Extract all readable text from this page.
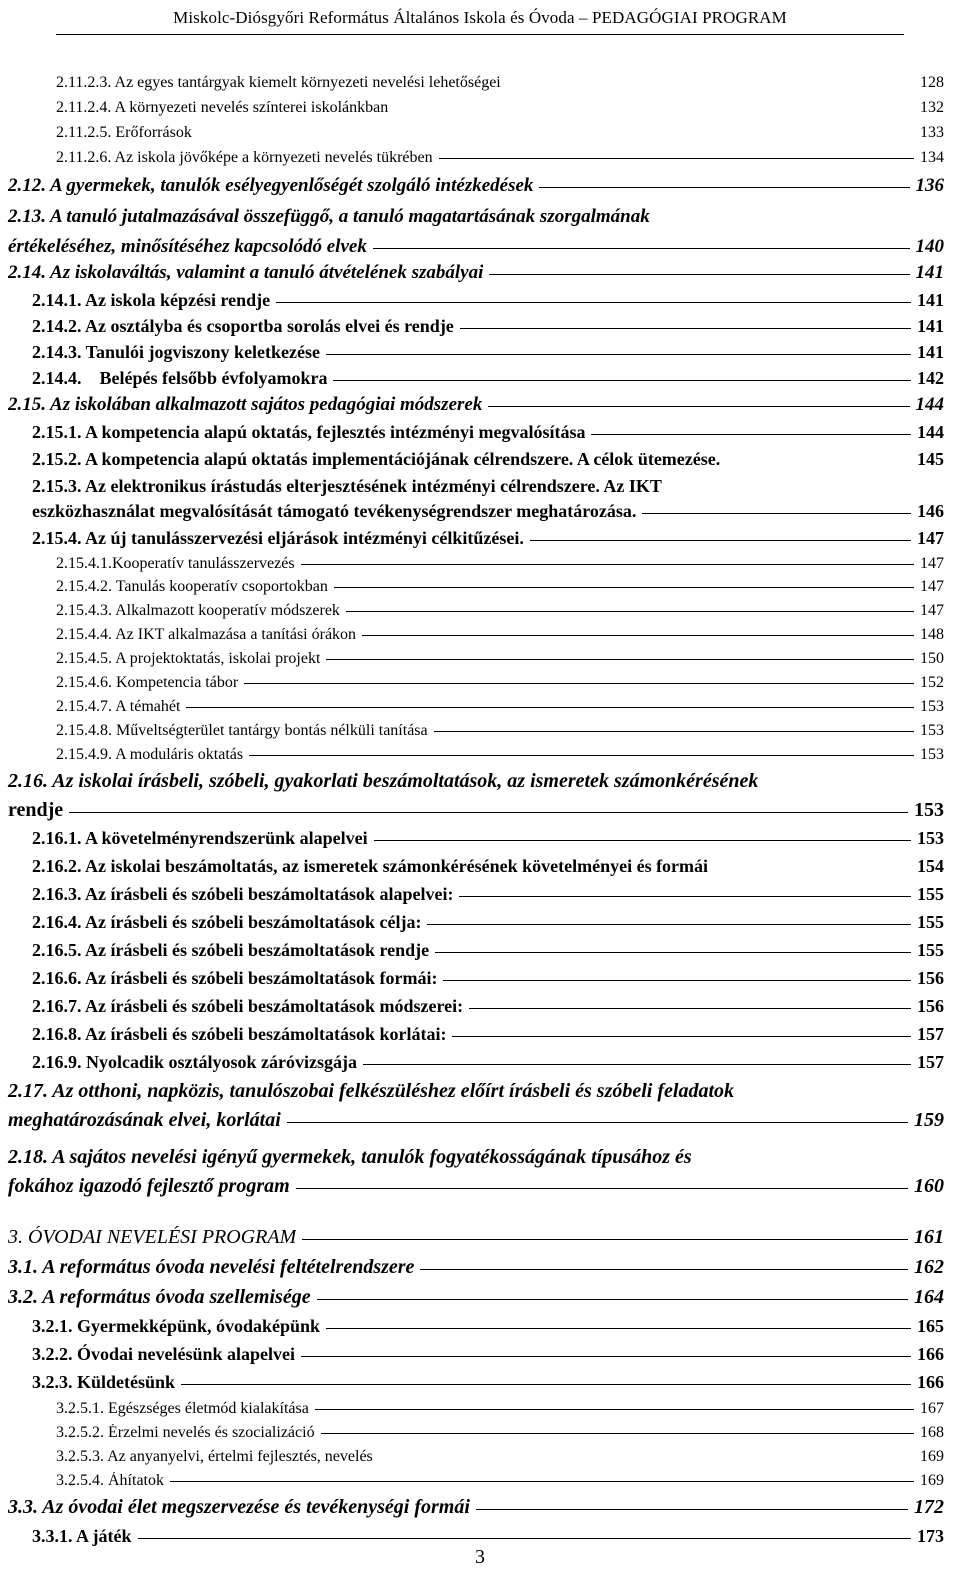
Miskolc-Diósgyőri Református Általános Iskola és Óvoda – PEDAGÓGIAI PROGRAM
2.11.2.3. Az egyes tantárgyak kiemelt környezeti nevelési lehetőségei	128
2.11.2.4. A környezeti nevelés színterei iskolánkban	132
2.11.2.5. Erőforrások	133
2.11.2.6. Az iskola jövőképe a környezeti nevelés tükrében	134
2.12. A gyermekek, tanulók esélyegyenlőségét szolgáló intézkedések	136
2.13. A tanuló jutalmazásával összefüggő, a tanuló magatartásának szorgalmának
értékeléséhez, minősítéséhez kapcsolódó elvek	140
2.14. Az iskolaváltás, valamint a tanuló átvételének szabályai	141
2.14.1. Az iskola képzési rendje	141
2.14.2. Az osztályba és csoportba sorolás elvei és rendje	141
2.14.3. Tanulói jogviszony keletkezése	141
2.14.4.    Belépés felsőbb évfolyamokra	142
2.15. Az iskolában alkalmazott sajátos pedagógiai módszerek	144
2.15.1. A kompetencia alapú oktatás, fejlesztés intézményi megvalósítása	144
2.15.2. A kompetencia alapú oktatás implementációjának célrendszere. A célok ütemezése.	145
2.15.3. Az elektronikus írástudás elterjesztésének intézményi célrendszere. Az IKT
eszközhasználat megvalósítását támogató tevékenységrendszer meghatározása.	146
2.15.4. Az új tanulásszervezési eljárások intézményi célkitűzései.	147
2.15.4.1.Kooperatív tanulásszervezés	147
2.15.4.2. Tanulás kooperatív csoportokban	147
2.15.4.3. Alkalmazott kooperatív módszerek	147
2.15.4.4. Az IKT alkalmazása a tanítási órákon	148
2.15.4.5. A projektoktatás, iskolai projekt	150
2.15.4.6. Kompetencia tábor	152
2.15.4.7. A témahét	153
2.15.4.8. Műveltségterület tantárgy bontás nélküli tanítása	153
2.15.4.9. A moduláris oktatás	153
2.16. Az iskolai írásbeli, szóbeli, gyakorlati beszámoltatások, az ismeretek számonkérésének
rendje	153
2.16.1. A követelményrendszerünk alapelvei	153
2.16.2. Az iskolai beszámoltatás, az ismeretek számonkérésének követelményei és formái	154
2.16.3. Az írásbeli és szóbeli beszámoltatások alapelvei:	155
2.16.4. Az írásbeli és szóbeli beszámoltatások célja:	155
2.16.5. Az írásbeli és szóbeli beszámoltatások rendje	155
2.16.6. Az írásbeli és szóbeli beszámoltatások formái:	156
2.16.7. Az írásbeli és szóbeli beszámoltatások módszerei:	156
2.16.8. Az írásbeli és szóbeli beszámoltatások korlátai:	157
2.16.9. Nyolcadik osztályosok záróvizsgája	157
2.17. Az otthoni, napközis, tanulószobai felkészüléshez előírt írásbeli és szóbeli feladatok
meghatározásának elvei, korlátai	159
2.18. A sajátos nevelési igényű gyermekek, tanulók fogyatékosságának típusához és
fokához igazodó fejlesztő program	160
3. ÓVODAI NEVELÉSI PROGRAM	161
3.1. A református óvoda nevelési feltételrendszere	162
3.2. A református óvoda szellemisége	164
3.2.1. Gyermekképünk, óvodaképünk	165
3.2.2. Óvodai nevelésünk alapelvei	166
3.2.3. Küldetésünk	166
3.2.5.1. Egészséges életmód kialakítása	167
3.2.5.2. Érzelmi nevelés és szocializáció	168
3.2.5.3. Az anyanyelvi, értelmi fejlesztés, nevelés	169
3.2.5.4. Áhítatok	169
3.3. Az óvodai élet megszervezése és tevékenységi formái	172
3.3.1. A játék	173
3
